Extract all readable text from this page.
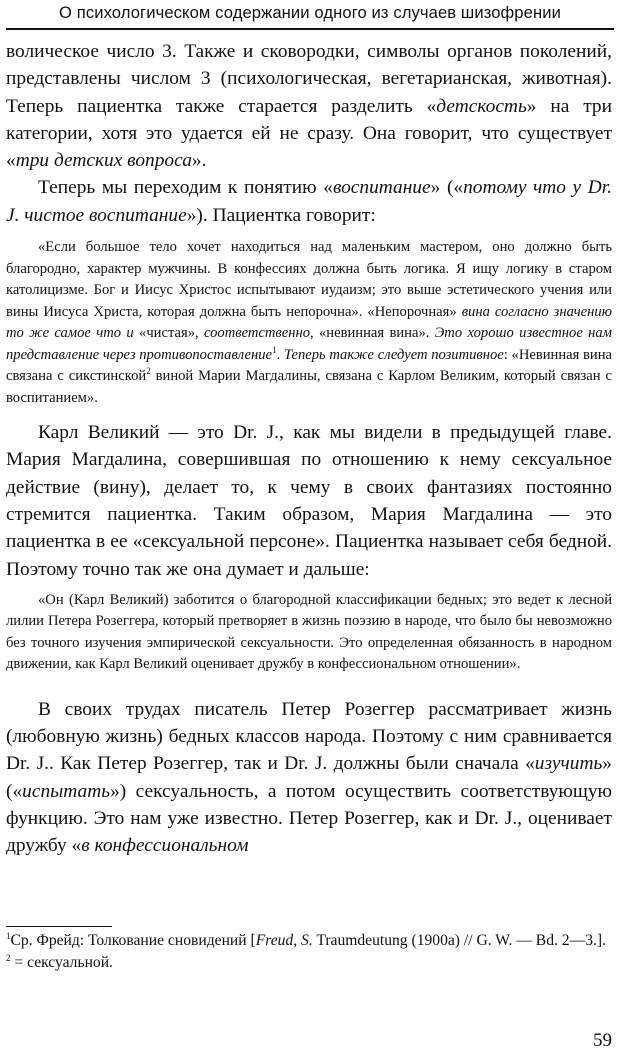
О психологическом содержании одного из случаев шизофрении

волическое число 3. Также и сковородки, символы органов поколений, представлены числом 3 (психологическая, вегетарианская, животная). Теперь пациентка также старается разделить «детскость» на три категории, хотя это удается ей не сразу. Она говорит, что существует «три детских вопроса».

Теперь мы переходим к понятию «воспитание» («потому что у Dr. J. чистое воспитание»). Пациентка говорит:

«Если большое тело хочет находиться над маленьким мастером, оно должно быть благородно, характер мужчины. В конфессиях должна быть логика. Я ищу логику в старом католицизме. Бог и Иисус Христос испытывают иудаизм; это выше эстетического учения или вины Иисуса Христа, которая должна быть непорочна». «Непорочная» вина согласно значению то же самое что и «чистая», соответственно, «невинная вина». Это хорошо известное нам представление через противопоставление$^1$. Теперь также следует позитивное: «Невинная вина связана с сикстинской$^2$ виной Марии Магдалины, связана с Карлом Великим, который связан с воспитанием».

Карл Великий — это Dr. J., как мы видели в предыдущей главе. Мария Магдалина, совершившая по отношению к нему сексуальное действие (вину), делает то, к чему в своих фантазиях постоянно стремится пациентка. Таким образом, Мария Магдалина — это пациентка в ее «сексуальной персоне». Пациентка называет себя бедной. Поэтому точно так же она думает и дальше:

«Он (Карл Великий) заботится о благородной классификации бедных; это ведет к лесной лилии Петера Розеггера, который претворяет в жизнь поэзию в народе, что было бы невозможно без точного изучения эмпирической сексуальности. Это определенная обязанность в народном движении, как Карл Великий оценивает дружбу в конфессиональном отношении».

В своих трудах писатель Петер Розеггер рассматривает жизнь (любовную жизнь) бедных классов народа. Поэтому с ним сравнивается Dr. J.. Как Петер Розеггер, так и Dr. J. должны были сначала «изучить» («испытать») сексуальность, а потом осуществить соответствующую функцию. Это нам уже известно. Петер Розеггер, как и Dr. J., оценивает дружбу «в конфессиональном

$^1$Ср. Фрейд: Толкование сновидений [Freud, S. Traumdeutung (1900a) // G. W. — Bd. 2—3.].

$^2$ = сексуальной.

59
